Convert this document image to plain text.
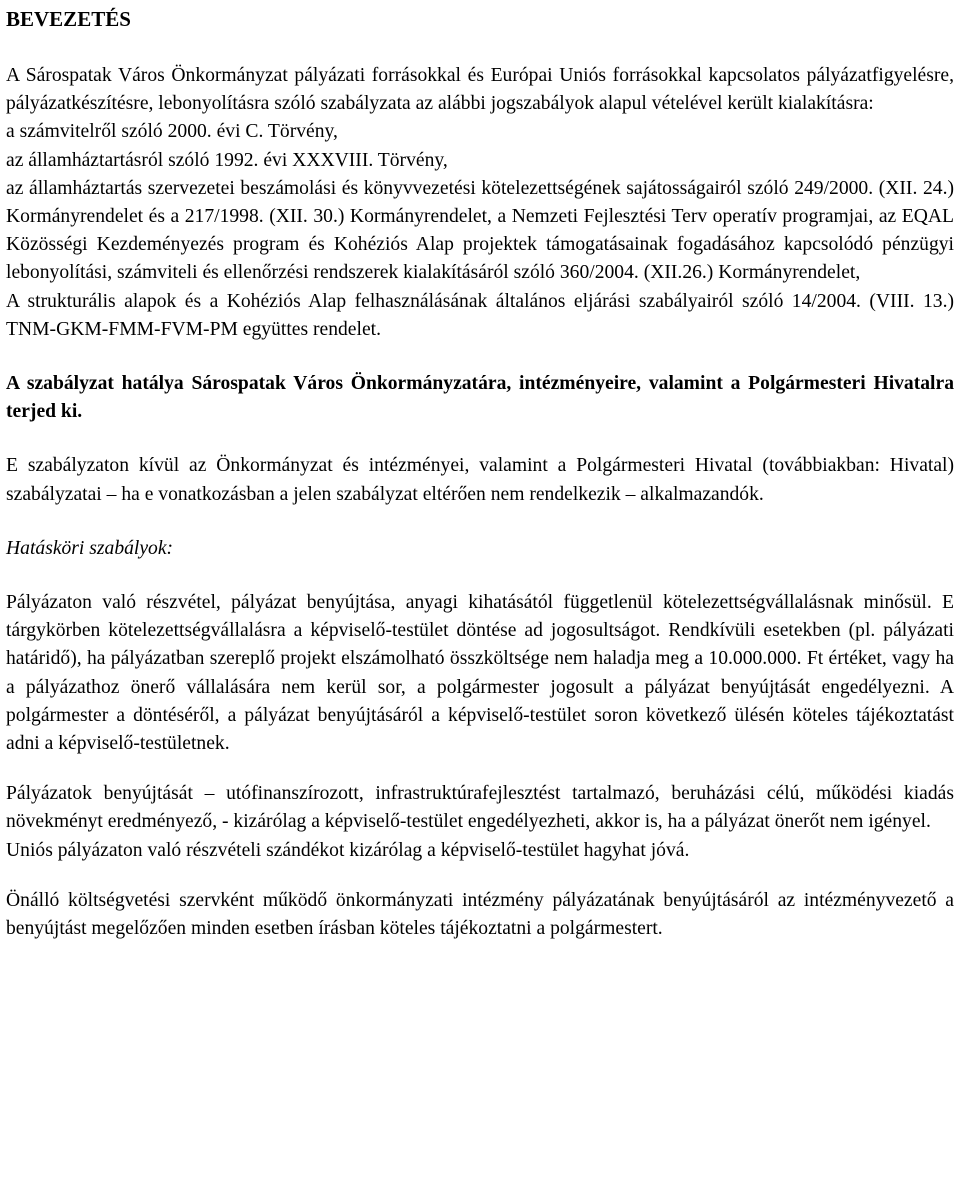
BEVEZETÉS

A Sárospatak Város Önkormányzat pályázati forrásokkal és Európai Uniós forrásokkal kapcsolatos pályázatfigyelésre, pályázatkészítésre, lebonyolításra szóló szabályzata az alábbi jogszabályok alapul vételével került kialakításra:

a számvitelről szóló 2000. évi C. Törvény,

az államháztartásról szóló 1992. évi XXXVIII. Törvény,

az államháztartás szervezetei beszámolási és könyvvezetési kötelezettségének sajátosságairól szóló 249/2000. (XII. 24.) Kormányrendelet és a 217/1998. (XII. 30.) Kormányrendelet, a Nemzeti Fejlesztési Terv operatív programjai, az EQAL Közösségi Kezdeményezés program és Kohéziós Alap projektek támogatásainak fogadásához kapcsolódó pénzügyi lebonyolítási, számviteli és ellenőrzési rendszerek kialakításáról szóló 360/2004. (XII.26.) Kormányrendelet,

A strukturális alapok és a Kohéziós Alap felhasználásának általános eljárási szabályairól szóló 14/2004. (VIII. 13.) TNM-GKM-FMM-FVM-PM együttes rendelet.

A szabályzat hatálya Sárospatak Város Önkormányzatára, intézményeire, valamint a Polgármesteri Hivatalra terjed ki.

E szabályzaton kívül az Önkormányzat és intézményei, valamint a Polgármesteri Hivatal (továbbiakban: Hivatal) szabályzatai – ha e vonatkozásban a jelen szabályzat eltérően nem rendelkezik – alkalmazandók.

Hatásköri szabályok:

Pályázaton való részvétel, pályázat benyújtása, anyagi kihatásától függetlenül kötelezettségvállalásnak minősül. E tárgykörben kötelezettségvállalásra a képviselő-testület döntése ad jogosultságot. Rendkívüli esetekben (pl. pályázati határidő), ha pályázatban szereplő projekt elszámolható összköltsége nem haladja meg a 10.000.000. Ft értéket, vagy ha a pályázathoz önerő vállalására nem kerül sor, a polgármester jogosult a pályázat benyújtását engedélyezni. A polgármester a döntéséről, a pályázat benyújtásáról a képviselő-testület soron következő ülésén köteles tájékoztatást adni a képviselő-testületnek.

Pályázatok benyújtását – utófinanszírozott, infrastruktúrafejlesztést tartalmazó, beruházási célú, működési kiadás növekményt eredményező, - kizárólag a képviselő-testület engedélyezheti, akkor is, ha a pályázat önerőt nem igényel.

Uniós pályázaton való részvételi szándékot kizárólag a képviselő-testület hagyhat jóvá.

Önálló költségvetési szervként működő önkormányzati intézmény pályázatának benyújtásáról az intézményvezető a benyújtást megelőzően minden esetben írásban köteles tájékoztatni a polgármestert.
